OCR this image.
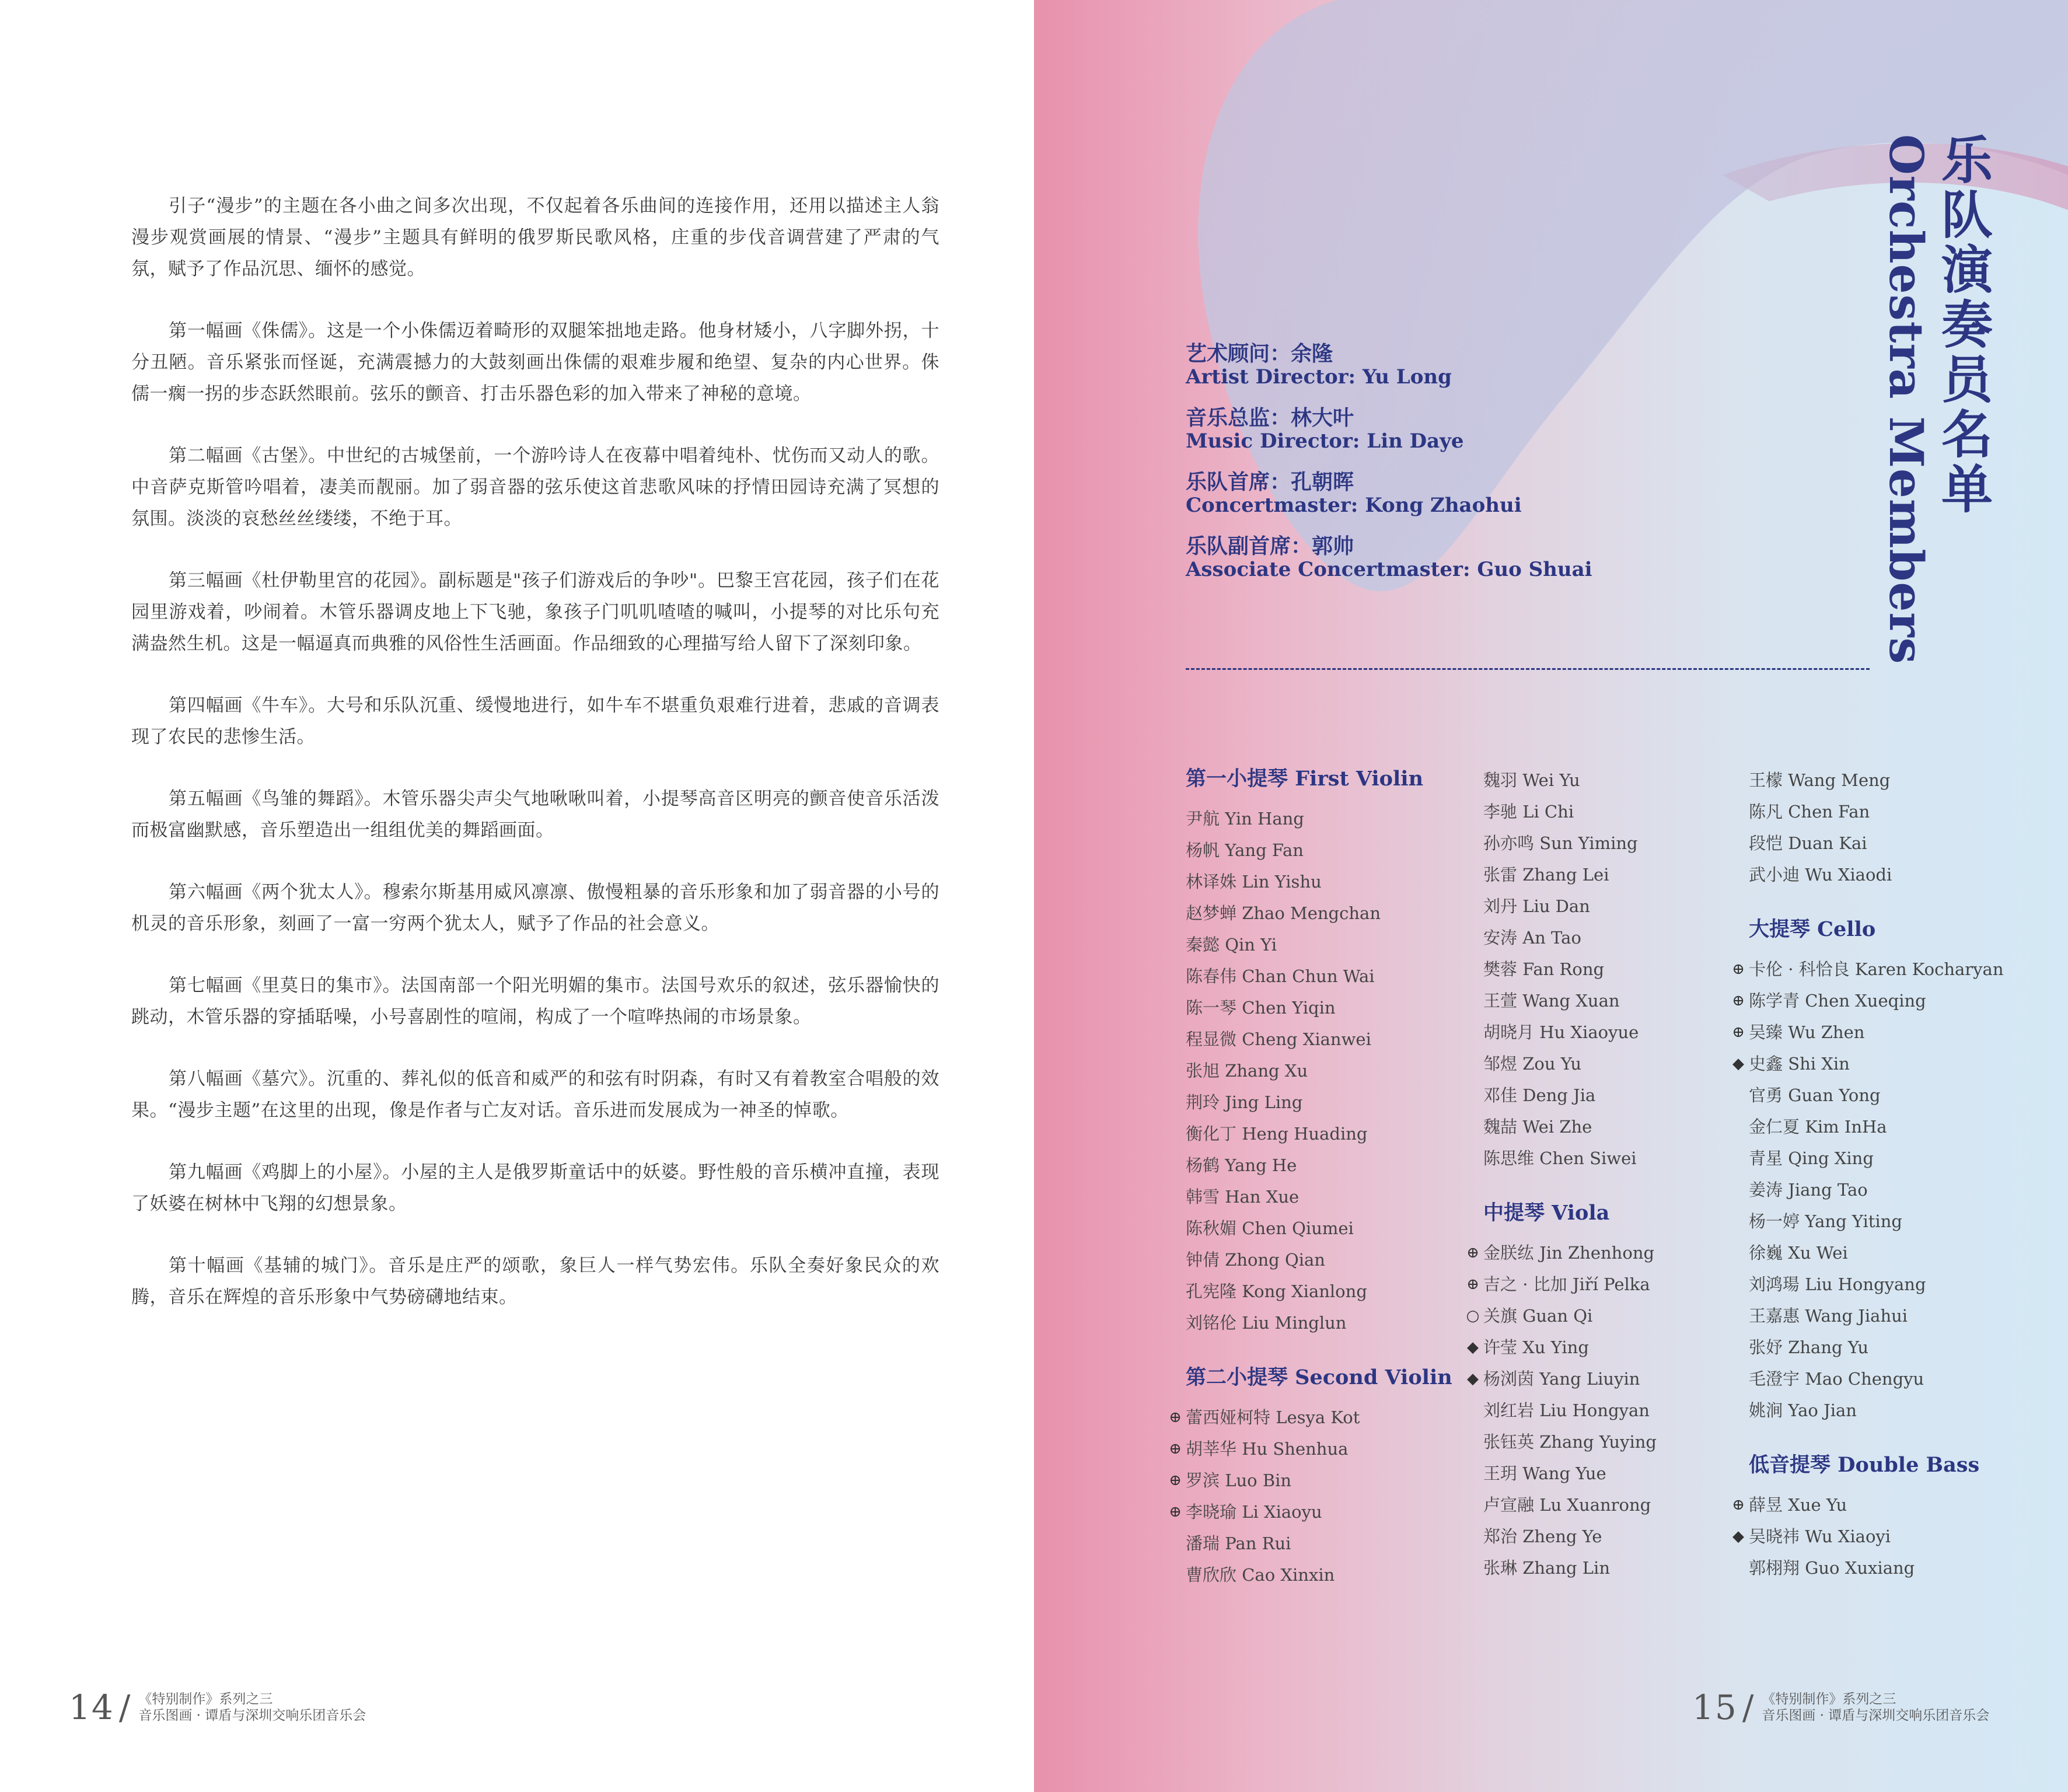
引子“漫步”的主题在各小曲之间多次出现，不仅起着各乐曲间的连接作用，还用以描述主人翁漫步观赏画展的情景、“漫步”主题具有鲜明的俄罗斯民歌风格，庄重的步伐音调营建了严肃的气氛，赋予了作品沉思、缅怀的感觉。

第一幅画《侏儒》。这是一个小侏儒迈着畸形的双腿笨拙地走路。他身材矮小，八字脚外拐，十分丑陋。音乐紧张而怪诞，充满震撼力的大鼓刻画出侏儒的艰难步履和绝望、复杂的内心世界。侏儒一瘸一拐的步态跃然眼前。弦乐的颤音、打击乐器色彩的加入带来了神秘的意境。

第二幅画《古堡》。中世纪的古城堡前，一个游吟诗人在夜幕中唱着纯朴、忧伤而又动人的歌。中音萨克斯管吟唱着，凄美而靓丽。加了弱音器的弦乐使这首悲歌风味的抒情田园诗充满了冥想的氛围。淡淡的哀愁丝丝缕缕，不绝于耳。

第三幅画《杜伊勒里宫的花园》。副标题是"孩子们游戏后的争吵"。巴黎王宫花园，孩子们在花园里游戏着，吵闹着。木管乐器调皮地上下飞驰，象孩子门叽叽喳喳的喊叫，小提琴的对比乐句充满盎然生机。这是一幅逼真而典雅的风俗性生活画面。作品细致的心理描写给人留下了深刻印象。

第四幅画《牛车》。大号和乐队沉重、缓慢地进行，如牛车不堪重负艰难行进着，悲戚的音调表现了农民的悲惨生活。

第五幅画《鸟雏的舞蹈》。木管乐器尖声尖气地啾啾叫着，小提琴高音区明亮的颤音使音乐活泼而极富幽默感，音乐塑造出一组组优美的舞蹈画面。

第六幅画《两个犹太人》。穆索尔斯基用威风凛凛、傲慢粗暴的音乐形象和加了弱音器的小号的机灵的音乐形象，刻画了一富一穷两个犹太人，赋予了作品的社会意义。

第七幅画《里莫日的集市》。法国南部一个阳光明媚的集市。法国号欢乐的叙述，弦乐器愉快的跳动，木管乐器的穿插聒噪，小号喜剧性的喧闹，构成了一个喧哗热闹的市场景象。

第八幅画《墓穴》。沉重的、葬礼似的低音和威严的和弦有时阴森，有时又有着教室合唱般的效果。“漫步主题”在这里的出现，像是作者与亡友对话。音乐进而发展成为一神圣的悼歌。

第九幅画《鸡脚上的小屋》。小屋的主人是俄罗斯童话中的妖婆。野性般的音乐横冲直撞，表现了妖婆在树林中飞翔的幻想景象。

第十幅画《基辅的城门》。音乐是庄严的颂歌，象巨人一样气势宏伟。乐队全奏好象民众的欢腾，音乐在辉煌的音乐形象中气势磅礴地结束。

14 / 《特别制作》系列之三
音乐图画 · 谭盾与深圳交响乐团音乐会
乐队演奏员名单
Orchestra Members
艺术顾问：余隆
Artist Director: Yu Long
音乐总监：林大叶
Music Director: Lin Daye
乐队首席：孔朝晖
Concertmaster: Kong Zhaohui
乐队副首席：郭帅
Associate Concertmaster: Guo Shuai
第一小提琴 First Violin
尹航 Yin Hang
杨帆 Yang Fan
林译姝 Lin Yishu
赵梦蝉 Zhao Mengchan
秦懿 Qin Yi
陈春伟 Chan Chun Wai
陈一琴 Chen Yiqin
程显微 Cheng Xianwei
张旭 Zhang Xu
荆玲 Jing Ling
衡化丁 Heng Huading
杨鹤 Yang He
韩雪 Han Xue
陈秋媚 Chen Qiumei
钟倩 Zhong Qian
孔宪隆 Kong Xianlong
刘铭伦 Liu Minglun
第二小提琴 Second Violin
⊕ 蕾西娅柯特 Lesya Kot
⊕ 胡莘华 Hu Shenhua
⊕ 罗滨 Luo Bin
⊕ 李晓瑜 Li Xiaoyu
潘瑞 Pan Rui
曹欣欣 Cao Xinxin
魏羽 Wei Yu
李驰 Li Chi
孙亦鸣 Sun Yiming
张雷 Zhang Lei
刘丹 Liu Dan
安涛 An Tao
樊蓉 Fan Rong
王萱 Wang Xuan
胡晓月 Hu Xiaoyue
邹煜 Zou Yu
邓佳 Deng Jia
魏喆 Wei Zhe
陈思维 Chen Siwei
中提琴 Viola
⊕ 金朕纮 Jin Zhenhong
⊕ 吉之 · 比加 Jiří Pelka
○ 关旗 Guan Qi
◆ 许莹 Xu Ying
◆ 杨浏茵 Yang Liuyin
刘红岩 Liu Hongyan
张钰英 Zhang Yuying
王玥 Wang Yue
卢宣融 Lu Xuanrong
郑治 Zheng Ye
张琳 Zhang Lin
王檬 Wang Meng
陈凡 Chen Fan
段恺 Duan Kai
武小迪 Wu Xiaodi
大提琴 Cello
⊕ 卡伦 · 科恰良 Karen Kocharyan
⊕ 陈学青 Chen Xueqing
⊕ 吴臻 Wu Zhen
◆ 史鑫 Shi Xin
官勇 Guan Yong
金仁夏 Kim InHa
青星 Qing Xing
姜涛 Jiang Tao
杨一婷 Yang Yiting
徐巍 Xu Wei
刘鸿瑒 Liu Hongyang
王嘉惠 Wang Jiahui
张妤 Zhang Yu
毛澄宇 Mao Chengyu
姚涧 Yao Jian
低音提琴 Double Bass
⊕ 薛昱 Xue Yu
◆ 吴晓祎 Wu Xiaoyi
郭栩翔 Guo Xuxiang
15 / 《特别制作》系列之三
音乐图画 · 谭盾与深圳交响乐团音乐会
